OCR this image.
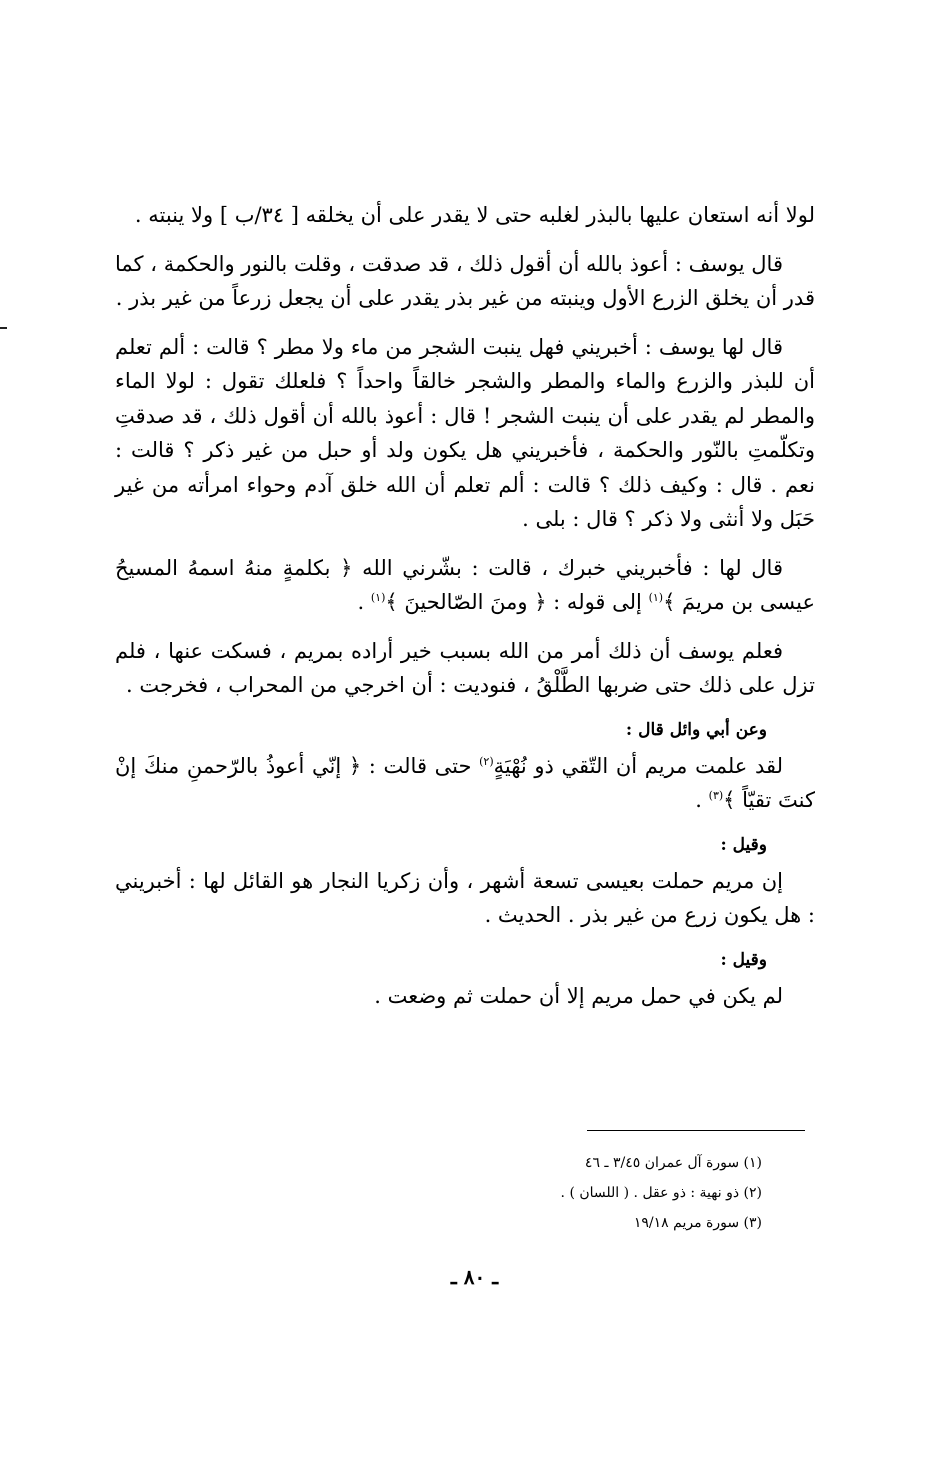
لولا أنه استعان عليها بالبذر لغلبه حتى لا يقدر على أن يخلقه [ ٣٤/ب ] ولا ينبته .

قال يوسف : أعوذ بالله أن أقول ذلك ، قد صدقت ، وقلت بالنور والحكمة ، كما قدر أن يخلق الزرع الأول وينبته من غير بذر يقدر على أن يجعل زرعاً من غير بذر .

قال لها يوسف : أخبريني فهل ينبت الشجر من ماء ولا مطر ؟ قالت : ألم تعلم أن للبذر والزرع والماء والمطر والشجر خالقاً واحداً ؟ فلعلك تقول : لولا الماء والمطر لم يقدر على أن ينبت الشجر ! قال : أعوذ بالله أن أقول ذلك ، قد صدقتِ وتكلّمتِ بالنّور والحكمة ، فأخبريني هل يكون ولد أو حبل من غير ذكر ؟ قالت : نعم . قال : وكيف ذلك ؟ قالت : ألم تعلم أن الله خلق آدم وحواء امرأته من غير حَبَل ولا أنثى ولا ذكر ؟ قال : بلى .

قال لها : فأخبريني خبرك ، قالت : بشّرني الله ﴿ بكلمةٍ منهُ اسمهُ المسيحُ عيسى بن مريمَ ﴾$^{(١)}$ إلى قوله : ﴿ ومنَ الصّالحينَ ﴾$^{(١)}$ .

فعلم يوسف أن ذلك أمر من الله بسبب خير أراده بمريم ، فسكت عنها ، فلم تزل على ذلك حتى ضربها الطَّلْقُ ، فنوديت : أن اخرجي من المحراب ، فخرجت .

وعن أبي وائل قال :

لقد علمت مريم أن التّقي ذو نُهْيَةٍ$^{(٢)}$ حتى قالت : ﴿ إنّي أعوذُ بالرّحمنِ منكَ إنْ كنتَ تقيّاً ﴾$^{(٣)}$ .

وقيل :

إن مريم حملت بعيسى تسعة أشهر ، وأن زكريا النجار هو القائل لها : أخبريني : هل يكون زرع من غير بذر . الحديث .

وقيل :

لم يكن في حمل مريم إلا أن حملت ثم وضعت .

(١) سورة آل عمران ٣/٤٥ ـ ٤٦

(٢) ذو نهية : ذو عقل . ( اللسان ) .

(٣) سورة مريم ١٩/١٨

ـ ٨٠ ـ
